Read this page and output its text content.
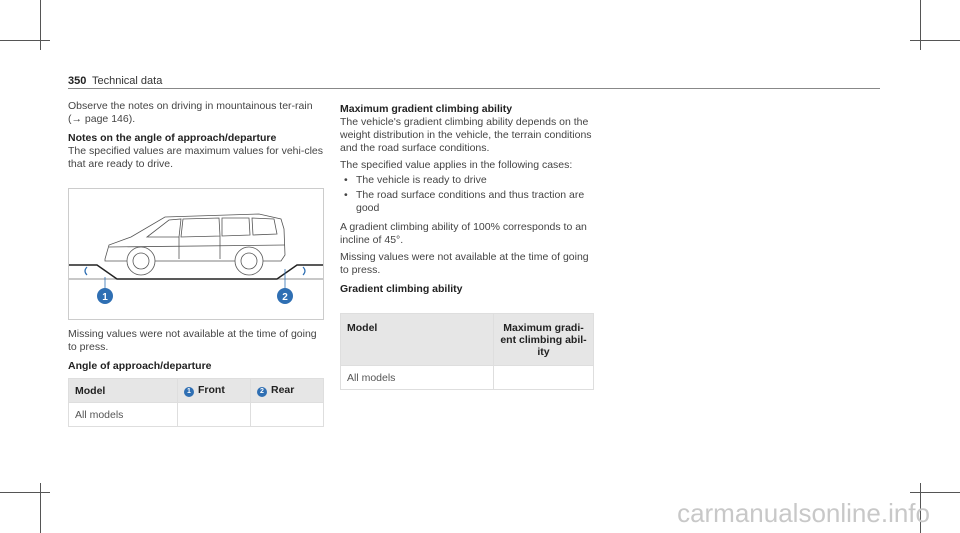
350 Technical data

Observe the notes on driving in mountainous ter-rain (→ page 146).

Notes on the angle of approach/departure

The specified values are maximum values for vehi-cles that are ready to drive.

1	2

Missing values were not available at the time of going to press.

Angle of approach/departure

Model	1 Front	2 Rear
All models		

Maximum gradient climbing ability

The vehicle's gradient climbing ability depends on the weight distribution in the vehicle, the terrain conditions and the road surface conditions.

The specified value applies in the following cases:

• The vehicle is ready to drive
• The road surface conditions and thus traction are good

A gradient climbing ability of 100% corresponds to an incline of 45°.

Missing values were not available at the time of going to press.

Gradient climbing ability

Model	Maximum gradi-ent climbing abil-ity
All models	
carmanualsonline.info
